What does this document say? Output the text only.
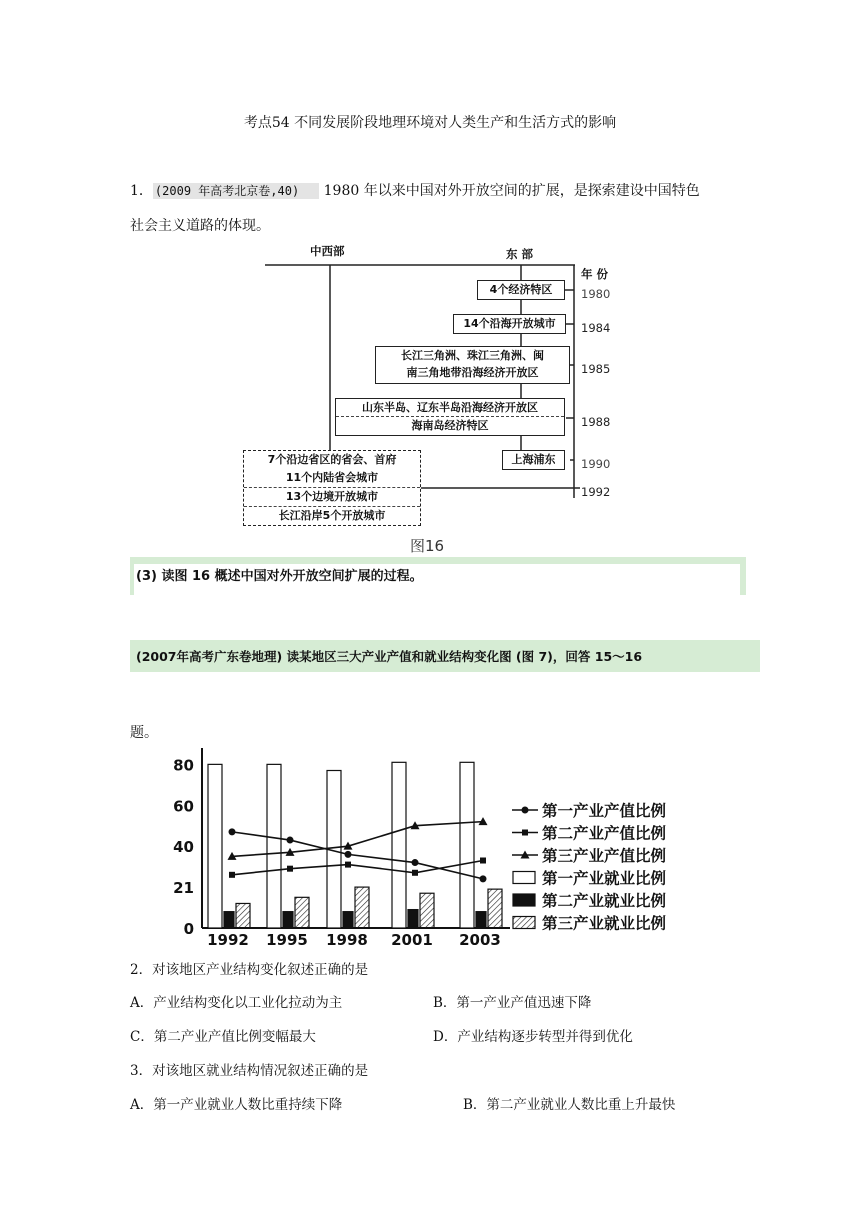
考点54 不同发展阶段地理环境对人类生产和生活方式的影响
1． (2009 年高考北京卷,40) 1980 年以来中国对外开放空间的扩展，是探索建设中国特色
社会主义道路的体现。
中西部	东 部
年 份
1980
1984
1985
1988
1990
1992
4个经济特区
14个沿海开放城市
长江三角洲、珠江三角洲、闽
南三角地带沿海经济开放区
山东半岛、辽东半岛沿海经济开放区
海南岛经济特区
上海浦东
7个沿边省区的省会、首府
11个内陆省会城市
13个边境开放城市
长江沿岸5个开放城市
图16
(3) 读图 16 概述中国对外开放空间扩展的过程。
(2007年高考广东卷地理) 读某地区三大产业产值和就业结构变化图 (图 7)，回答 15～16
题。
80
60
40
21
0
1992 1995 1998 2001 2003
第一产业产值比例
第二产业产值比例
第三产业产值比例
第一产业就业比例
第二产业就业比例
第三产业就业比例
2．对该地区产业结构变化叙述正确的是
A．产业结构变化以工业化拉动为主	B．第一产业产值迅速下降
C．第二产业产值比例变幅最大	D．产业结构逐步转型并得到优化
3．对该地区就业结构情况叙述正确的是
A．第一产业就业人数比重持续下降	B．第二产业就业人数比重上升最快
